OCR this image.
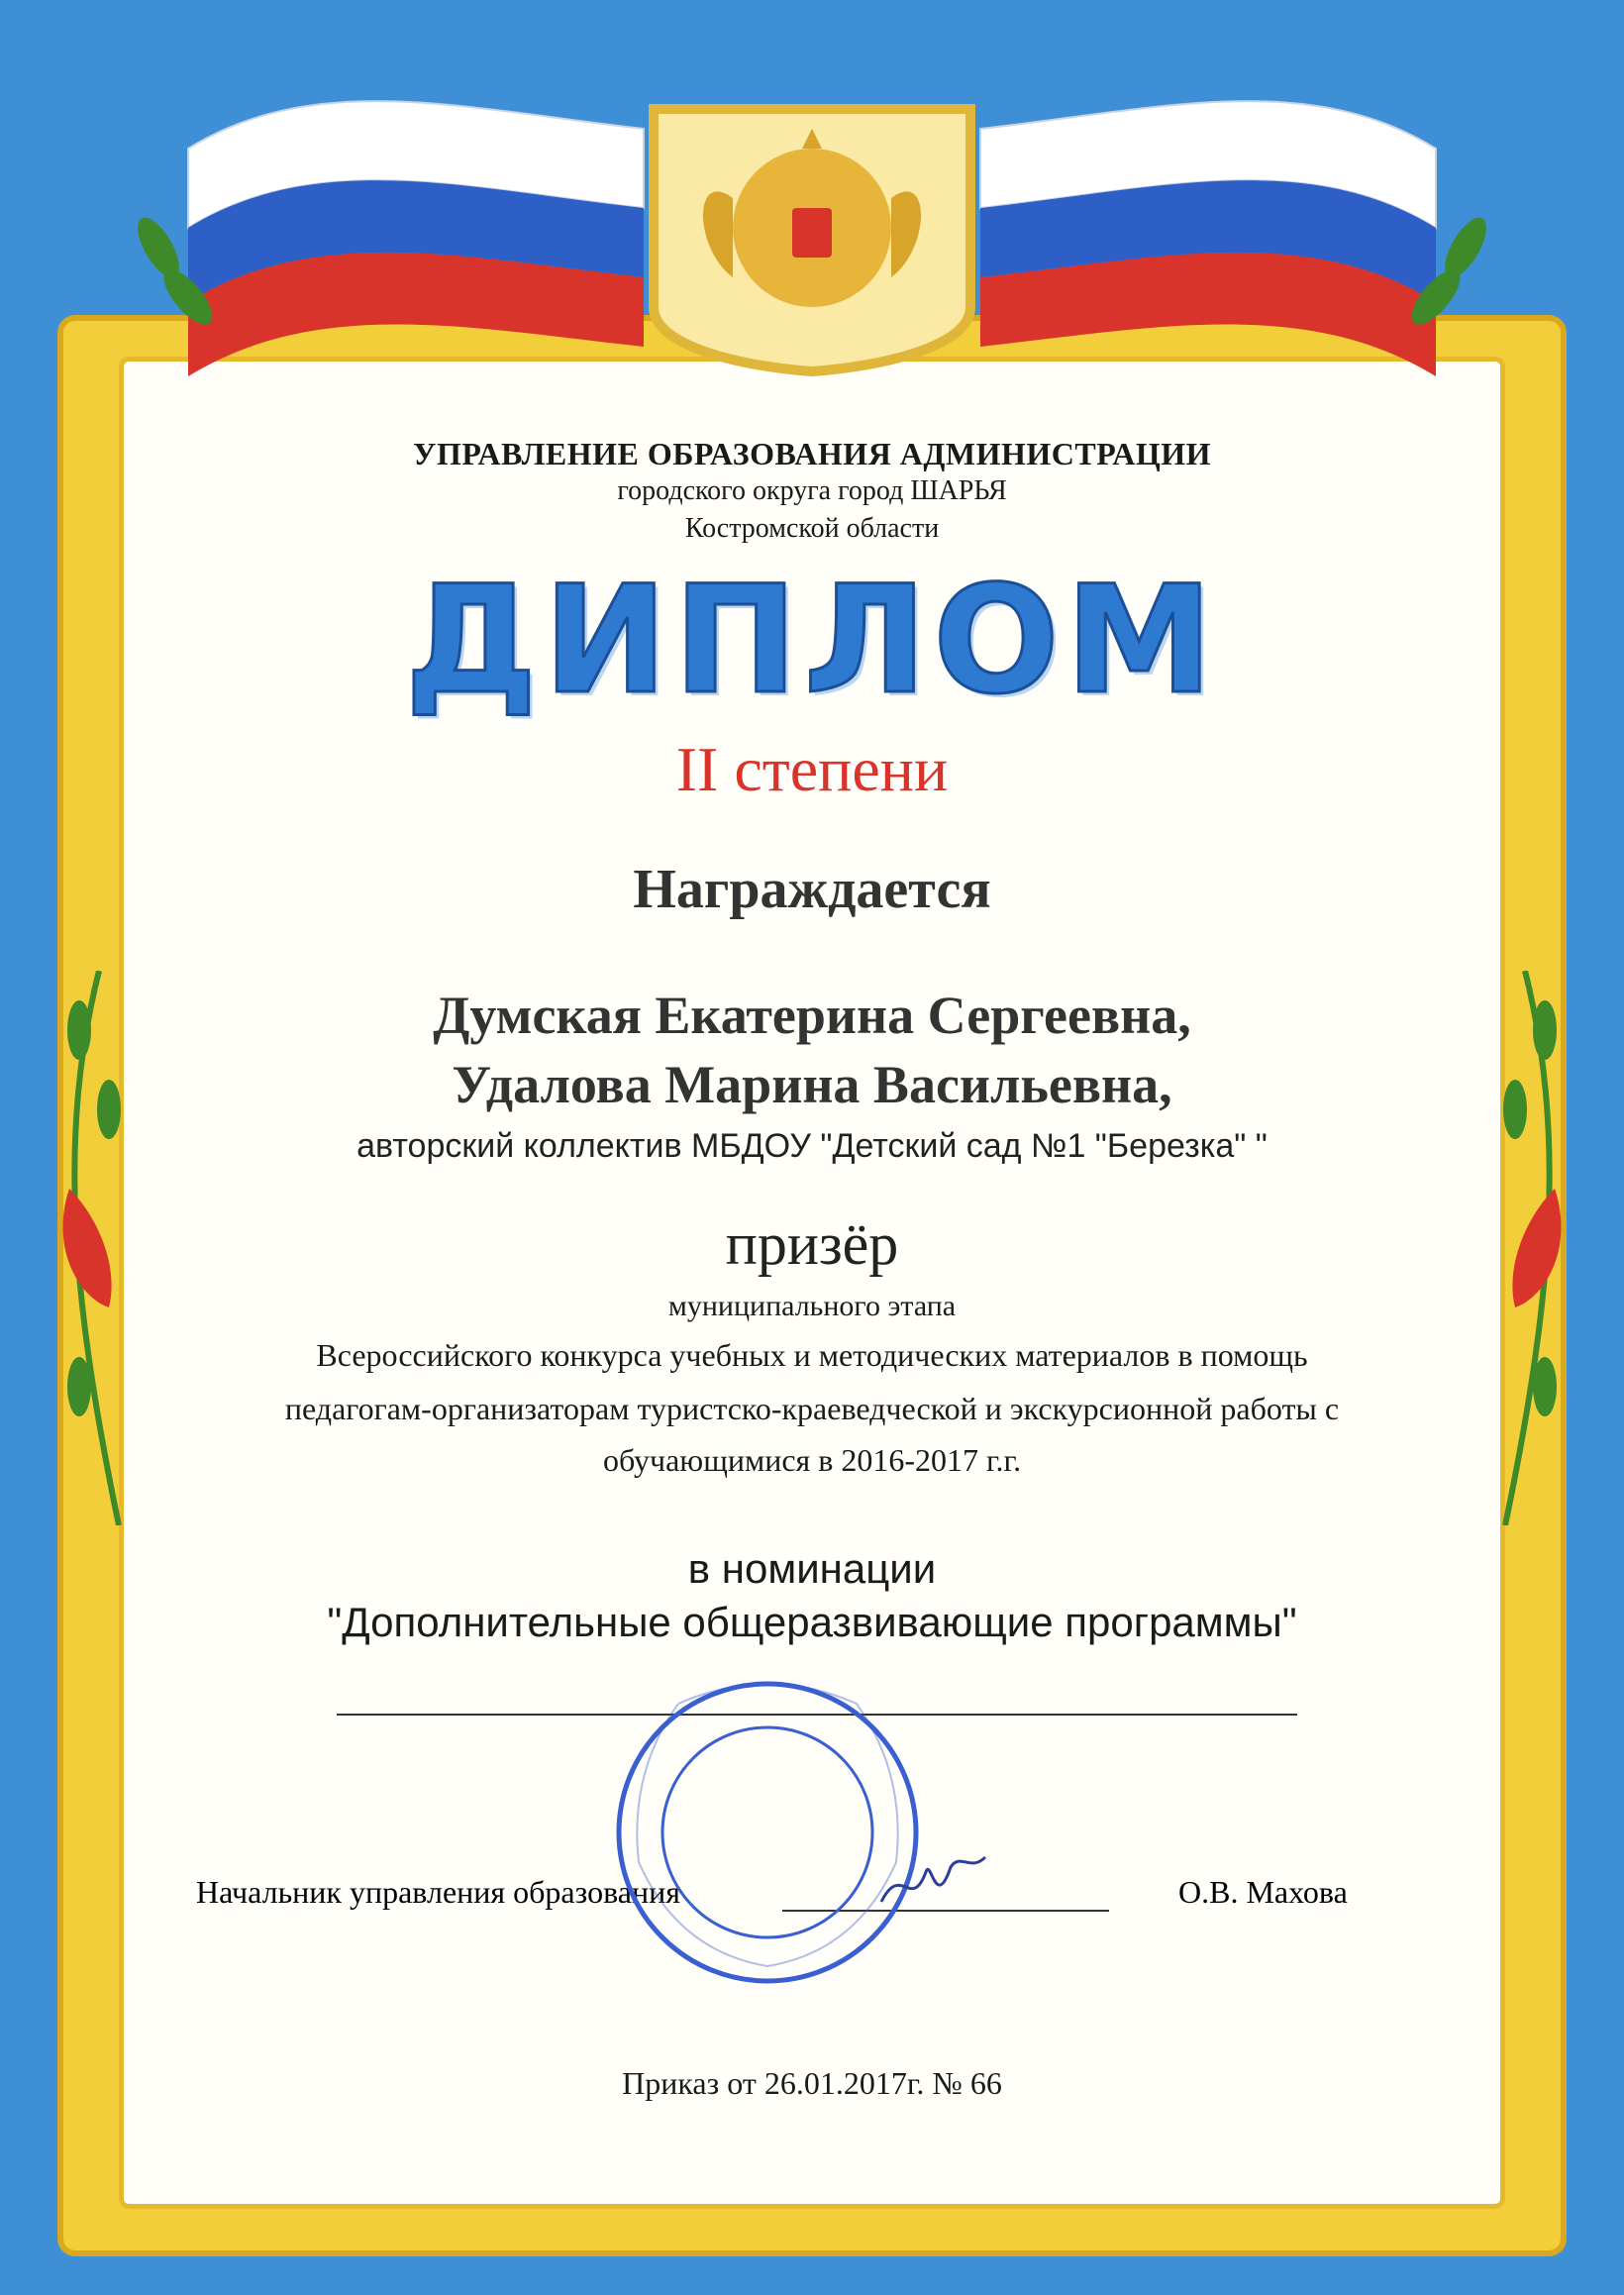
УПРАВЛЕНИЕ ОБРАЗОВАНИЯ АДМИНИСТРАЦИИ
городского округа город ШАРЬЯ
Костромской области
ДИПЛОМ
II степени
Награждается
Думская Екатерина Сергеевна,
Удалова Марина Васильевна,
авторский коллектив МБДОУ "Детский сад №1 "Березка" "
призёр
муниципального этапа
Всероссийского конкурса учебных и методических материалов в помощь
педагогам-организаторам туристско-краеведческой и экскурсионной работы с
обучающимися в 2016-2017 г.г.
в номинации
"Дополнительные общеразвивающие программы"
Начальник управления образования	О.В. Махова
Приказ от 26.01.2017г. № 66
